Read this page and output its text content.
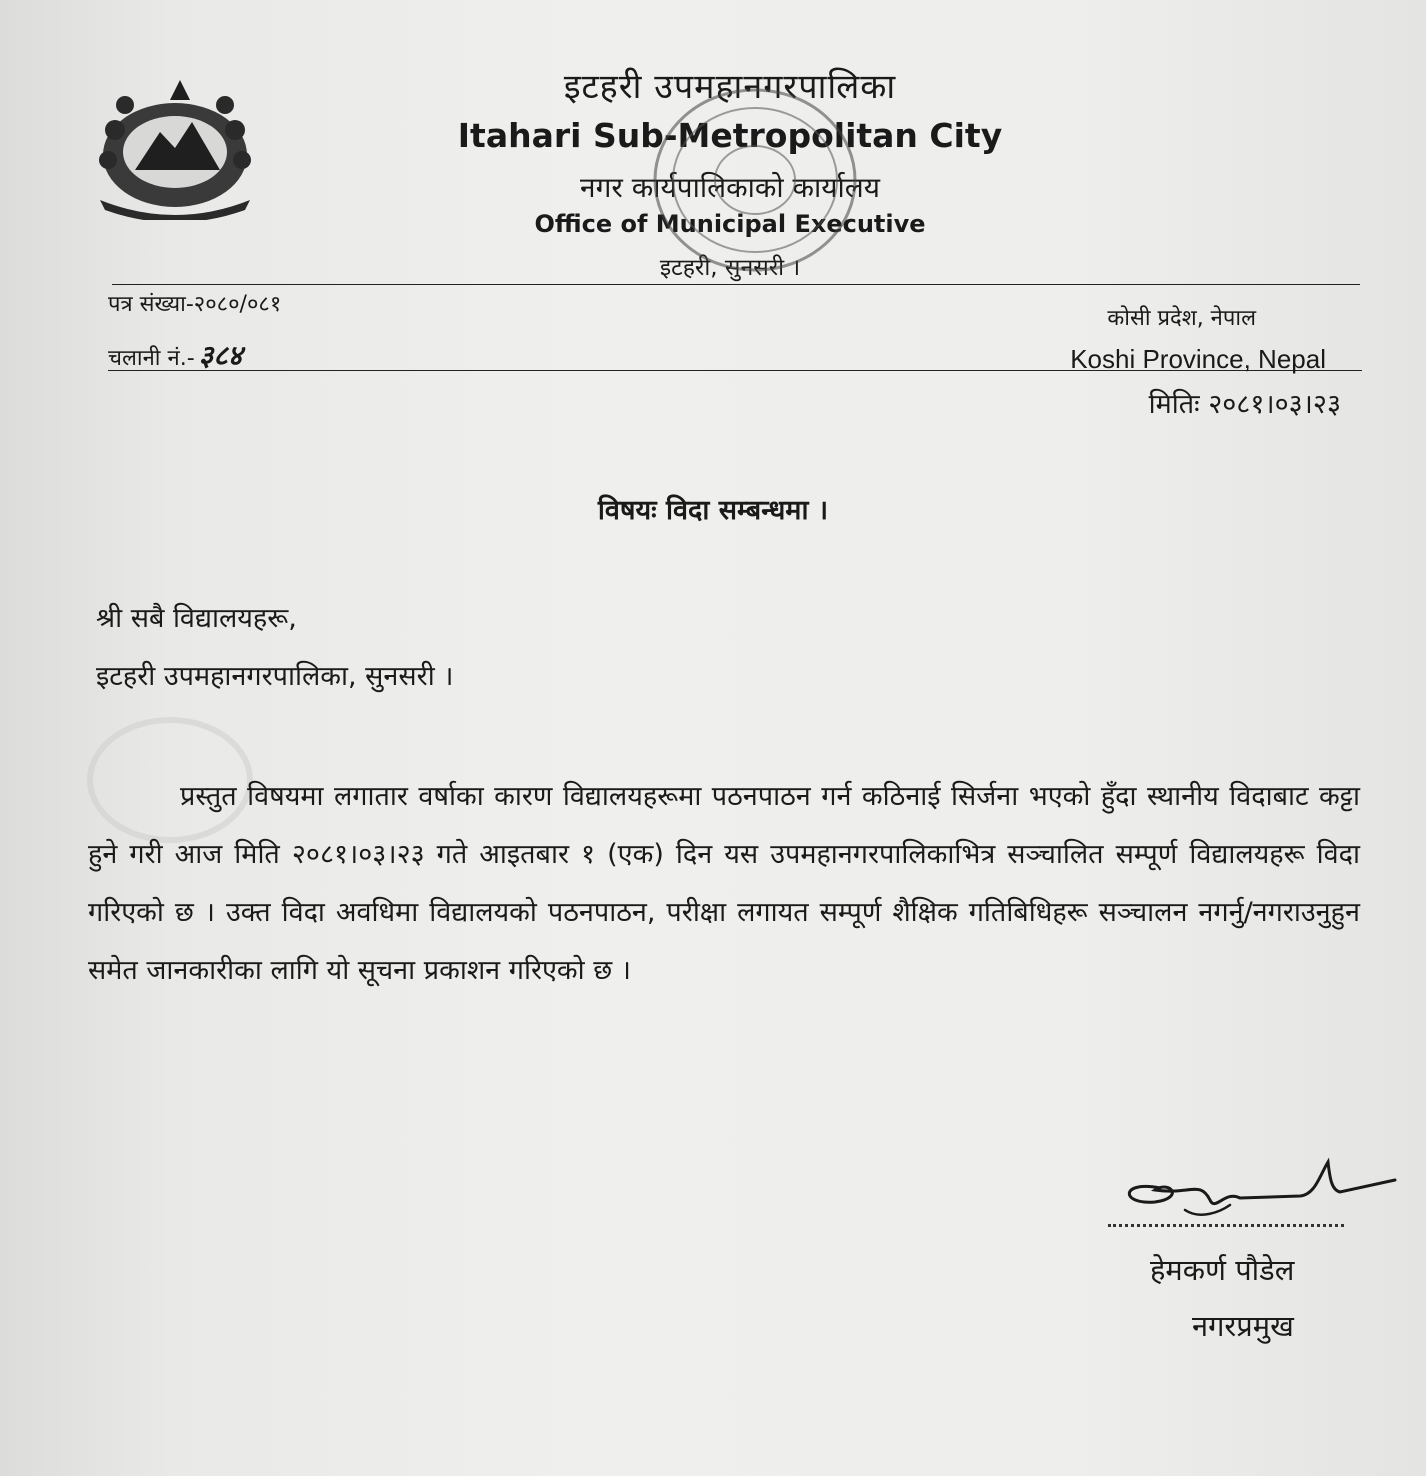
इटहरी उपमहानगरपालिका
Itahari Sub-Metropolitan City
नगर कार्यपालिकाको कार्यालय
Office of Municipal Executive
इटहरी, सुनसरी ।
पत्र संख्या-२०८०/०८१
चलानी नं.- ३८४
कोसी प्रदेश, नेपाल
Koshi Province, Nepal
मितिः २०८१।०३।२३
विषयः विदा सम्बन्धमा ।
श्री सबै विद्यालयहरू,
इटहरी उपमहानगरपालिका, सुनसरी ।
प्रस्तुत विषयमा लगातार वर्षाका कारण विद्यालयहरूमा पठनपाठन गर्न कठिनाई सिर्जना भएको हुँदा स्थानीय विदाबाट कट्टा हुने गरी आज मिति २०८१।०३।२३ गते आइतबार १ (एक) दिन यस उपमहानगरपालिकाभित्र सञ्चालित सम्पूर्ण विद्यालयहरू विदा गरिएको छ । उक्त विदा अवधिमा विद्यालयको पठनपाठन, परीक्षा लगायत सम्पूर्ण शैक्षिक गतिबिधिहरू सञ्चालन नगर्नु/नगराउनुहुन समेत जानकारीका लागि यो सूचना प्रकाशन गरिएको छ ।
हेमकर्ण पौडेल
नगरप्रमुख
